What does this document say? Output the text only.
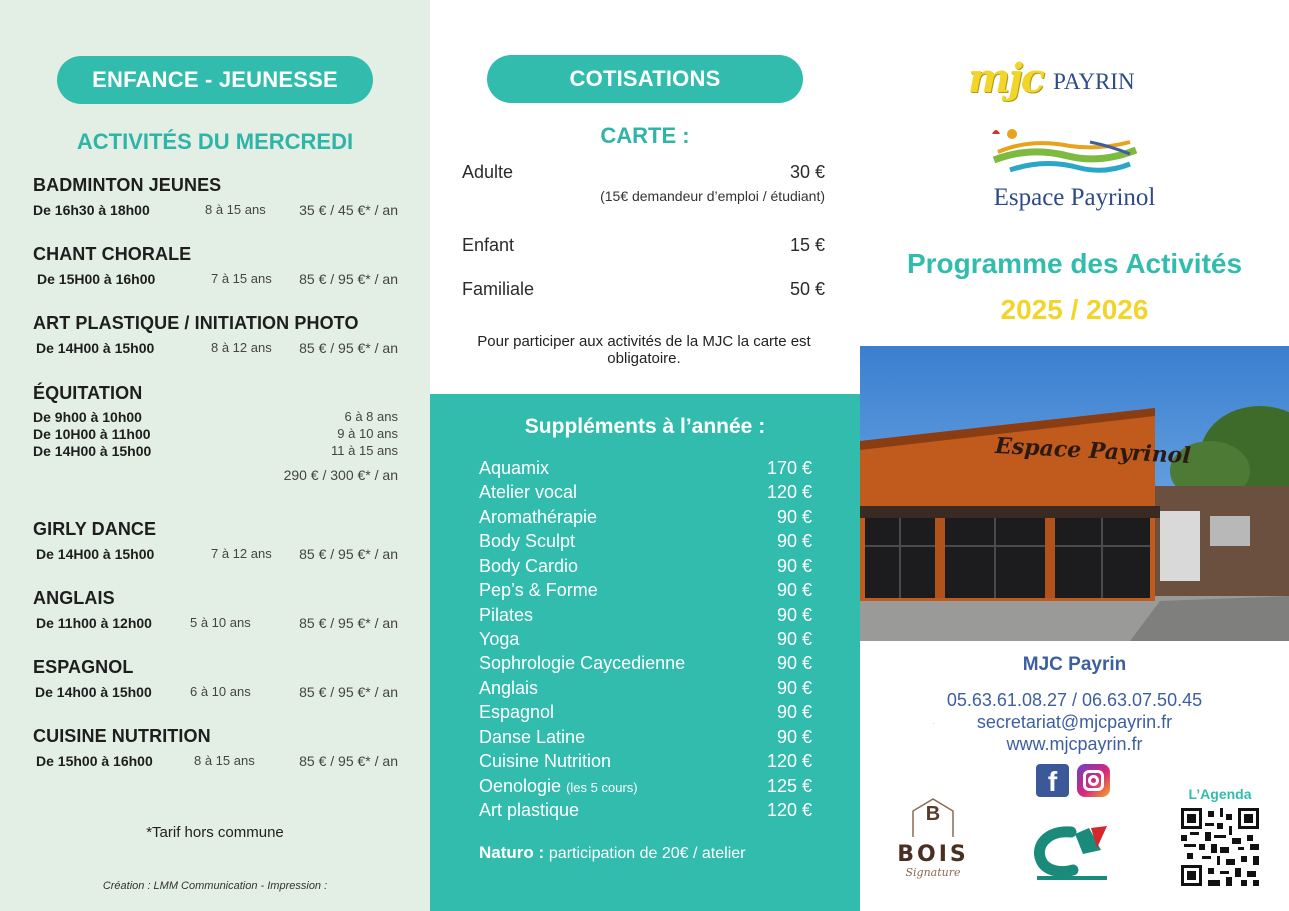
ENFANCE - JEUNESSE
ACTIVITÉS DU MERCREDI
BADMINTON JEUNES
De 16h30 à 18h00	8 à 15 ans 35 € / 45 €* / an
CHANT CHORALE
De 15H00 à 16h00	7 à 15 ans 85 € / 95 €* / an
ART PLASTIQUE / INITIATION PHOTO
De 14H00 à 15h00	8 à 12 ans 85 € / 95 €* / an
ÉQUITATION
De 9h00 à 10h00	6 à 8 ans
De 10H00 à 11h00	9 à 10 ans
De 14H00 à 15h00	11 à 15 ans
290 € / 300 €* / an
GIRLY DANCE
De 14H00 à 15h00	7 à 12 ans 85 € / 95 €* / an
ANGLAIS
De 11h00 à 12h00	5 à 10 ans	85 € / 95 €* / an
ESPAGNOL
De 14h00 à 15h00	6 à 10 ans	85 € / 95 €* / an
CUISINE NUTRITION
De 15h00 à 16h00	8 à 15 ans	85 € / 95 €* / an
*Tarif hors commune
Création : LMM Communication - Impression :
COTISATIONS
CARTE :
Adulte	30 €
(15€ demandeur d’emploi / étudiant)
Enfant	15 €
Familiale	50 €
Pour participer aux activités de la MJC la carte est obligatoire.
Suppléments à l’année :
Aquamix	170 €
Atelier vocal	120 €
Aromathérapie	90 €
Body Sculpt	90 €
Body Cardio	90 €
Pep’s & Forme	90 €
Pilates	90 €
Yoga	90 €
Sophrologie Caycedienne	90 €
Anglais	90 €
Espagnol	90 €
Danse Latine	90 €
Cuisine Nutrition	120 €
Oenologie (les 5 cours)	125 €
Art plastique	120 €
Naturo : participation de 20€ / atelier
mjc PAYRIN
Espace Payrinol
Programme des Activités
2025 / 2026
Espace Payrinol
MJC Payrin
05.63.61.08.27 / 06.63.07.50.45
secretariat@mjcpayrin.fr
www.mjcpayrin.fr
f
B
BOIS
Signature
CA
L’Agenda
